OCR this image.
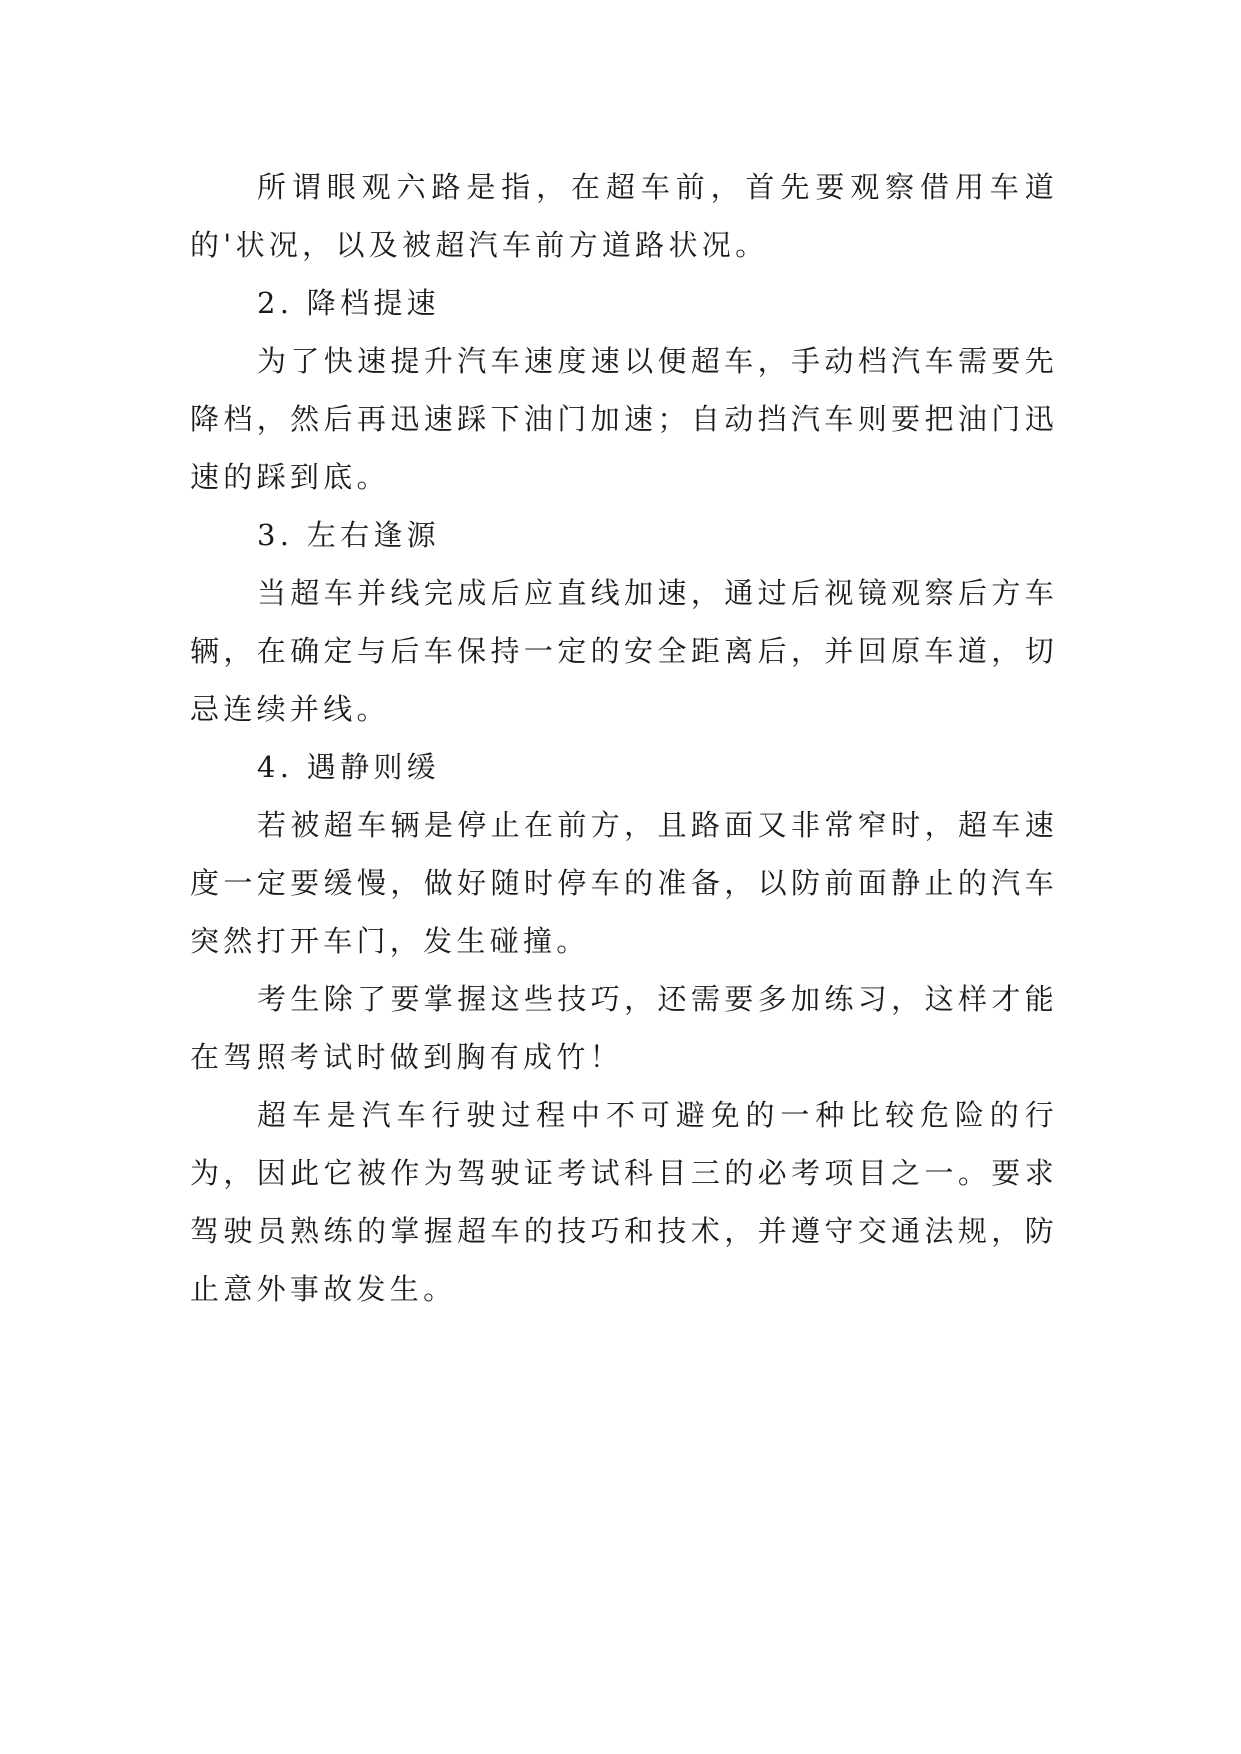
所谓眼观六路是指，在超车前，首先要观察借用车道的'状况，以及被超汽车前方道路状况。

2. 降档提速

为了快速提升汽车速度速以便超车，手动档汽车需要先降档，然后再迅速踩下油门加速；自动挡汽车则要把油门迅速的踩到底。

3. 左右逢源

当超车并线完成后应直线加速，通过后视镜观察后方车辆，在确定与后车保持一定的安全距离后，并回原车道，切忌连续并线。

4. 遇静则缓

若被超车辆是停止在前方，且路面又非常窄时，超车速度一定要缓慢，做好随时停车的准备，以防前面静止的汽车突然打开车门，发生碰撞。

考生除了要掌握这些技巧，还需要多加练习，这样才能在驾照考试时做到胸有成竹！

超车是汽车行驶过程中不可避免的一种比较危险的行为，因此它被作为驾驶证考试科目三的必考项目之一。要求驾驶员熟练的掌握超车的技巧和技术，并遵守交通法规，防止意外事故发生。
